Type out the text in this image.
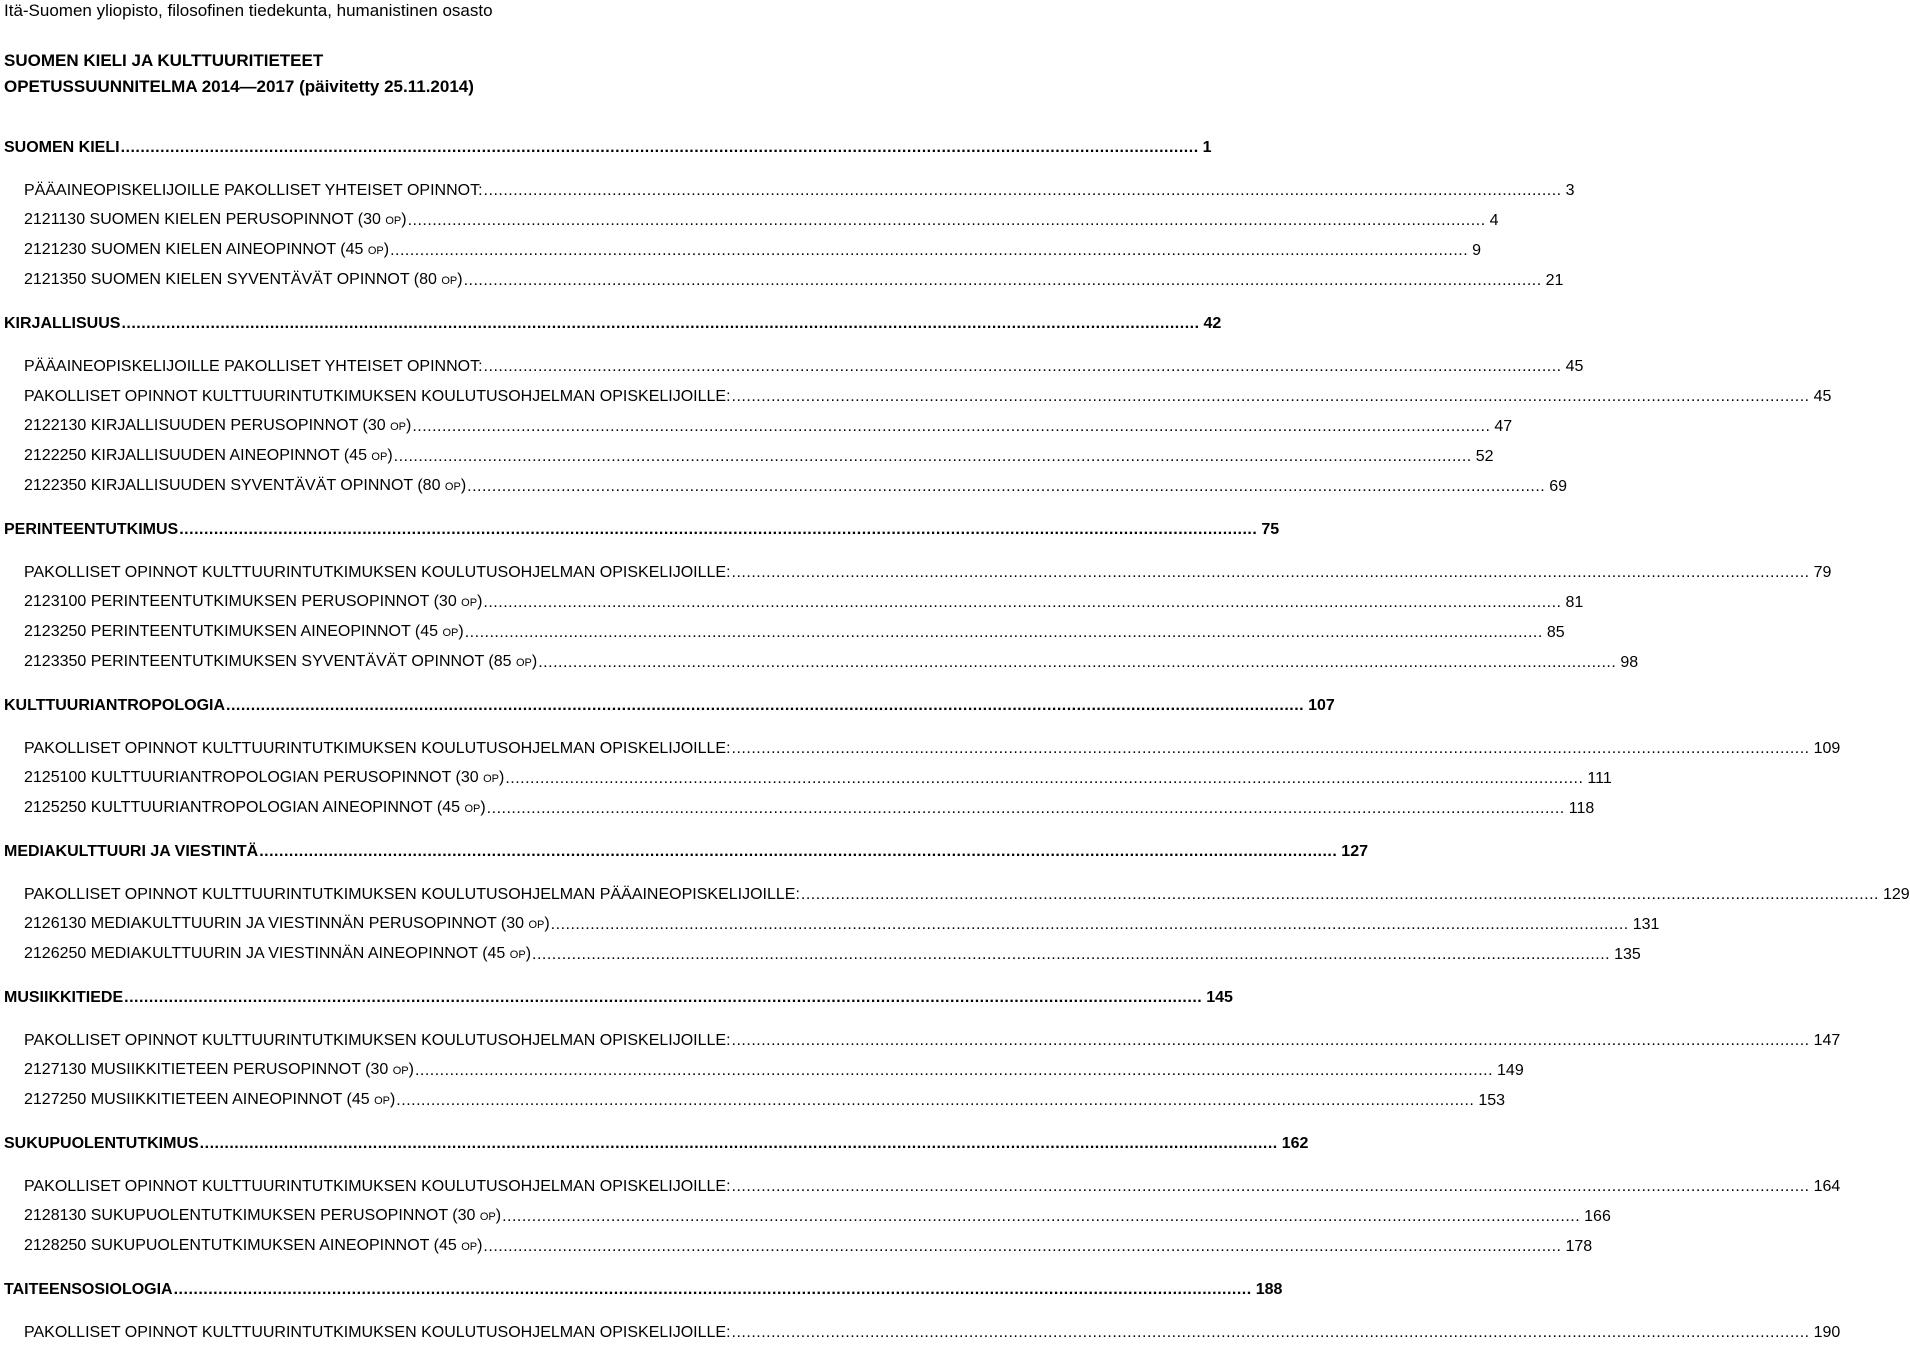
Itä-Suomen yliopisto, filosofinen tiedekunta, humanistinen osasto
SUOMEN KIELI JA KULTTUURITIETEET
OPETUSSUUNNITELMA 2014—2017 (päivitetty 25.11.2014)
SUOMEN KIELI .......................................................................................................................................................................................................................... 1
PÄÄAINEOPISKELIJOILLE PAKOLLISET YHTEISET OPINNOT: .......................................................................................................................................................................................................................... 3
2121130 SUOMEN KIELEN PERUSOPINNOT (30 OP) .......................................................................................................................................................................................................................... 4
2121230 SUOMEN KIELEN AINEOPINNOT (45 OP) .......................................................................................................................................................................................................................... 9
2121350 SUOMEN KIELEN SYVENTÄVÄT OPINNOT (80 OP) .......................................................................................................................................................................................................................... 21
KIRJALLISUUS .......................................................................................................................................................................................................................... 42
PÄÄAINEOPISKELIJOILLE PAKOLLISET YHTEISET OPINNOT: .......................................................................................................................................................................................................................... 45
PAKOLLISET OPINNOT KULTTUURINTUTKIMUKSEN KOULUTUSOHJELMAN OPISKELIJOILLE: .......................................................................................................................................................................................................................... 45
2122130 KIRJALLISUUDEN PERUSOPINNOT (30 OP) .......................................................................................................................................................................................................................... 47
2122250 KIRJALLISUUDEN AINEOPINNOT (45 OP) .......................................................................................................................................................................................................................... 52
2122350 KIRJALLISUUDEN SYVENTÄVÄT OPINNOT (80 OP) .......................................................................................................................................................................................................................... 69
PERINTEENTUTKIMUS .......................................................................................................................................................................................................................... 75
PAKOLLISET OPINNOT KULTTUURINTUTKIMUKSEN KOULUTUSOHJELMAN OPISKELIJOILLE: .......................................................................................................................................................................................................................... 79
2123100 PERINTEENTUTKIMUKSEN PERUSOPINNOT (30 OP) .......................................................................................................................................................................................................................... 81
2123250 PERINTEENTUTKIMUKSEN AINEOPINNOT (45 OP) .......................................................................................................................................................................................................................... 85
2123350 PERINTEENTUTKIMUKSEN SYVENTÄVÄT OPINNOT (85 OP) .......................................................................................................................................................................................................................... 98
KULTTUURIANTROPOLOGIA .......................................................................................................................................................................................................................... 107
PAKOLLISET OPINNOT KULTTUURINTUTKIMUKSEN KOULUTUSOHJELMAN OPISKELIJOILLE: .......................................................................................................................................................................................................................... 109
2125100 KULTTUURIANTROPOLOGIAN PERUSOPINNOT (30 OP) .......................................................................................................................................................................................................................... 111
2125250 KULTTUURIANTROPOLOGIAN AINEOPINNOT (45 OP) .......................................................................................................................................................................................................................... 118
MEDIAKULTTUURI JA VIESTINTÄ .......................................................................................................................................................................................................................... 127
PAKOLLISET OPINNOT KULTTUURINTUTKIMUKSEN KOULUTUSOHJELMAN PÄÄAINEOPISKELIJOILLE: .......................................................................................................................................................................................................................... 129
2126130 MEDIAKULTTUURIN JA VIESTINNÄN PERUSOPINNOT (30 OP) .......................................................................................................................................................................................................................... 131
2126250 MEDIAKULTTUURIN JA VIESTINNÄN AINEOPINNOT (45 OP) .......................................................................................................................................................................................................................... 135
MUSIIKKITIEDE .......................................................................................................................................................................................................................... 145
PAKOLLISET OPINNOT KULTTUURINTUTKIMUKSEN KOULUTUSOHJELMAN OPISKELIJOILLE: .......................................................................................................................................................................................................................... 147
2127130 MUSIIKKITIETEEN PERUSOPINNOT (30 OP) .......................................................................................................................................................................................................................... 149
2127250 MUSIIKKITIETEEN AINEOPINNOT (45 OP) .......................................................................................................................................................................................................................... 153
SUKUPUOLENTUTKIMUS .......................................................................................................................................................................................................................... 162
PAKOLLISET OPINNOT KULTTUURINTUTKIMUKSEN KOULUTUSOHJELMAN OPISKELIJOILLE: .......................................................................................................................................................................................................................... 164
2128130 SUKUPUOLENTUTKIMUKSEN PERUSOPINNOT (30 OP) .......................................................................................................................................................................................................................... 166
2128250 SUKUPUOLENTUTKIMUKSEN AINEOPINNOT (45 OP) .......................................................................................................................................................................................................................... 178
TAITEENSOSIOLOGIA .......................................................................................................................................................................................................................... 188
PAKOLLISET OPINNOT KULTTUURINTUTKIMUKSEN KOULUTUSOHJELMAN OPISKELIJOILLE: .......................................................................................................................................................................................................................... 190
